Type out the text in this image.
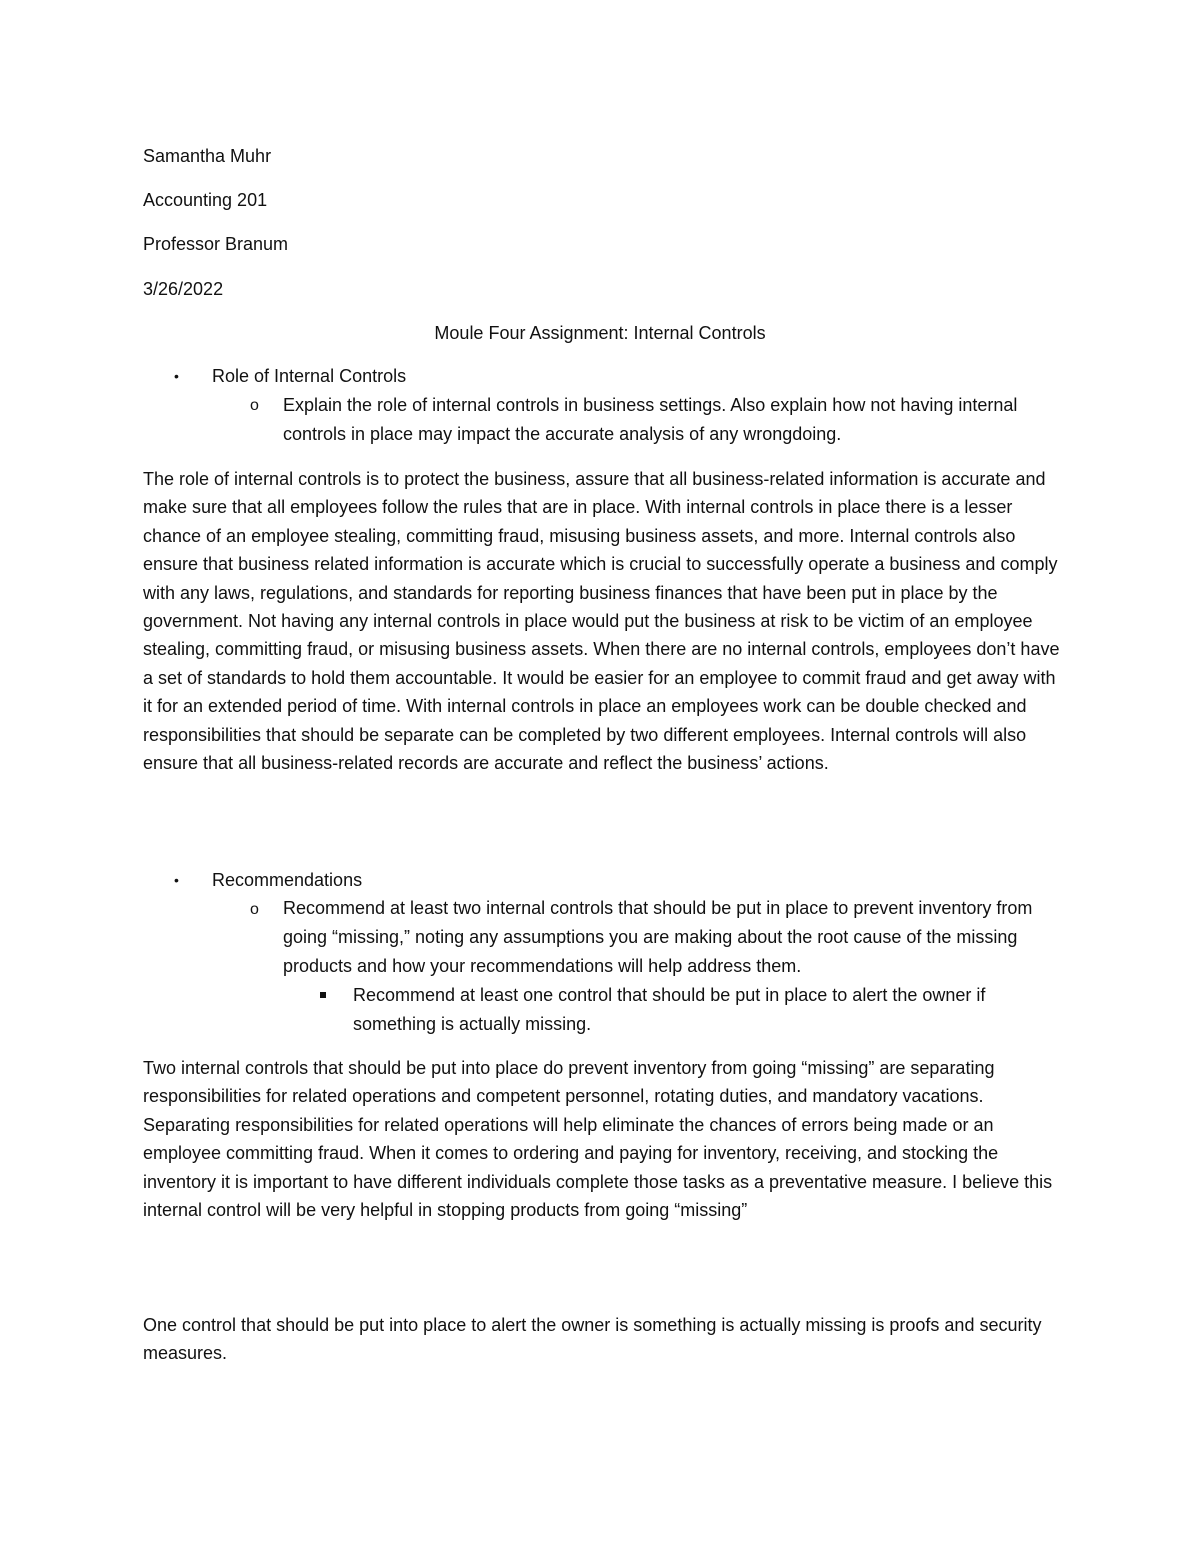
Samantha Muhr
Accounting 201
Professor Branum
3/26/2022
Moule Four Assignment: Internal Controls
• Role of Internal Controls
o Explain the role of internal controls in business settings. Also explain how not having internal controls in place may impact the accurate analysis of any wrongdoing.
The role of internal controls is to protect the business, assure that all business-related information is accurate and make sure that all employees follow the rules that are in place. With internal controls in place there is a lesser chance of an employee stealing, committing fraud, misusing business assets, and more. Internal controls also ensure that business related information is accurate which is crucial to successfully operate a business and comply with any laws, regulations, and standards for reporting business finances that have been put in place by the government. Not having any internal controls in place would put the business at risk to be victim of an employee stealing, committing fraud, or misusing business assets. When there are no internal controls, employees don’t have a set of standards to hold them accountable. It would be easier for an employee to commit fraud and get away with it for an extended period of time. With internal controls in place an employees work can be double checked and responsibilities that should be separate can be completed by two different employees. Internal controls will also ensure that all business-related records are accurate and reflect the business’ actions.
• Recommendations
o Recommend at least two internal controls that should be put in place to prevent inventory from going “missing,” noting any assumptions you are making about the root cause of the missing products and how your recommendations will help address them.
Recommend at least one control that should be put in place to alert the owner if something is actually missing.
Two internal controls that should be put into place do prevent inventory from going “missing” are separating responsibilities for related operations and competent personnel, rotating duties, and mandatory vacations. Separating responsibilities for related operations will help eliminate the chances of errors being made or an employee committing fraud. When it comes to ordering and paying for inventory, receiving, and stocking the inventory it is important to have different individuals complete those tasks as a preventative measure. I believe this internal control will be very helpful in stopping products from going “missing”
One control that should be put into place to alert the owner is something is actually missing is proofs and security measures.
